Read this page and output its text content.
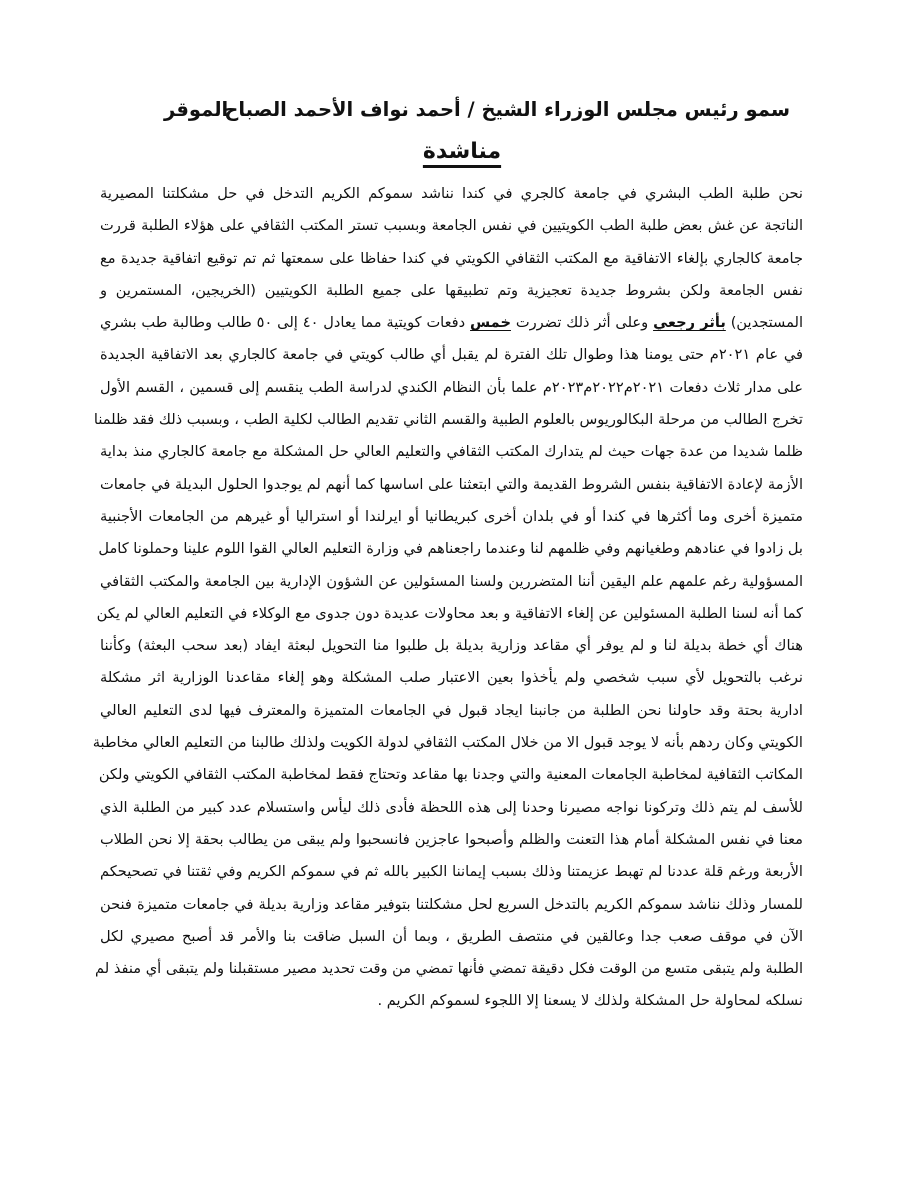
سمو رئيس مجلس الوزراء الشيخ / أحمد نواف الأحمد الصباح
الموقر
مناشدة
نحن طلبة الطب البشري في جامعة كالجري في كندا نناشد سموكم الكريم التدخل في حل مشكلتنا المصيرية
الناتجة عن غش بعض طلبة الطب الكويتيين في نفس الجامعة وبسبب تستر المكتب الثقافي على هؤلاء الطلبة قررت
جامعة كالجاري بإلغاء الاتفاقية مع المكتب الثقافي الكويتي في كندا حفاظا على سمعتها ثم تم توقيع اتفاقية جديدة مع
نفس الجامعة ولكن بشروط جديدة تعجيزية وتم تطبيقها على جميع الطلبة الكويتيين (الخريجين، المستمرين و
المستجدين) بأثر رجعي وعلى أثر ذلك تضررت خمس دفعات كويتية مما يعادل ٤٠ إلى ٥٠ طالب وطالبة طب بشري
في عام ٢٠٢١م حتى يومنا هذا وطوال تلك الفترة لم يقبل أي طالب كويتي في جامعة كالجاري بعد الاتفاقية الجديدة
على مدار ثلاث دفعات ٢٠٢١م٢٠٢٢م٢٠٢٣م علما بأن النظام الكندي لدراسة الطب ينقسم إلى قسمين ، القسم الأول
تخرج الطالب من مرحلة البكالوريوس بالعلوم الطبية والقسم الثاني تقديم الطالب لكلية الطب ، وبسبب ذلك فقد ظلمنا
ظلما شديدا من عدة جهات حيث لم يتدارك المكتب الثقافي والتعليم العالي حل المشكلة مع جامعة كالجاري منذ بداية
الأزمة لإعادة الاتفاقية بنفس الشروط القديمة والتي ابتعثنا على اساسها كما أنهم لم يوجدوا الحلول البديلة في جامعات
متميزة أخرى وما أكثرها في كندا أو في بلدان أخرى كبريطانيا أو ايرلندا أو استراليا أو غيرهم من الجامعات الأجنبية
بل زادوا في عنادهم وطغيانهم وفي ظلمهم لنا وعندما راجعناهم في وزارة التعليم العالي القوا اللوم علينا وحملونا كامل
المسؤولية رغم علمهم علم اليقين أننا المتضررين ولسنا المسئولين عن الشؤون الإدارية بين الجامعة والمكتب الثقافي
كما أنه لسنا الطلبة المسئولين عن إلغاء الاتفاقية و بعد محاولات عديدة دون جدوى مع الوكلاء في التعليم العالي لم يكن
هناك أي خطة بديلة لنا و لم يوفر أي مقاعد وزارية بديلة بل طلبوا منا التحويل لبعثة ايفاد (بعد سحب البعثة) وكأننا
نرغب بالتحويل لأي سبب شخصي ولم يأخذوا بعين الاعتبار صلب المشكلة وهو إلغاء مقاعدنا الوزارية اثر مشكلة
ادارية بحتة وقد حاولنا نحن الطلبة من جانبنا ايجاد قبول في الجامعات المتميزة والمعترف فيها لدى التعليم العالي
الكويتي وكان ردهم بأنه لا يوجد قبول الا من خلال المكتب الثقافي لدولة الكويت ولذلك طالبنا من التعليم العالي مخاطبة
المكاتب الثقافية لمخاطبة الجامعات المعنية والتي وجدنا بها مقاعد وتحتاج فقط لمخاطبة المكتب الثقافي الكويتي ولكن
للأسف لم يتم ذلك وتركونا نواجه مصيرنا وحدنا إلى هذه اللحظة فأدى ذلك ليأس واستسلام عدد كبير من الطلبة الذي
معنا في نفس المشكلة أمام هذا التعنت والظلم وأصبحوا عاجزين فانسحبوا ولم يبقى من يطالب بحقة إلا نحن الطلاب
الأربعة ورغم قلة عددنا لم تهبط عزيمتنا وذلك بسبب إيماننا الكبير بالله ثم في سموكم الكريم وفي ثقتنا في تصحيحكم
للمسار وذلك نناشد سموكم الكريم بالتدخل السريع لحل مشكلتنا بتوفير مقاعد وزارية بديلة في جامعات متميزة فنحن
الآن في موقف صعب جدا وعالقين في منتصف الطريق ، وبما أن السبل ضاقت بنا والأمر قد أصبح مصيري لكل
الطلبة ولم يتبقى متسع من الوقت فكل دقيقة تمضي فأنها تمضي من وقت تحديد مصير مستقبلنا ولم يتبقى أي منفذ لم
نسلكه لمحاولة حل المشكلة ولذلك لا يسعنا إلا اللجوء لسموكم الكريم .
